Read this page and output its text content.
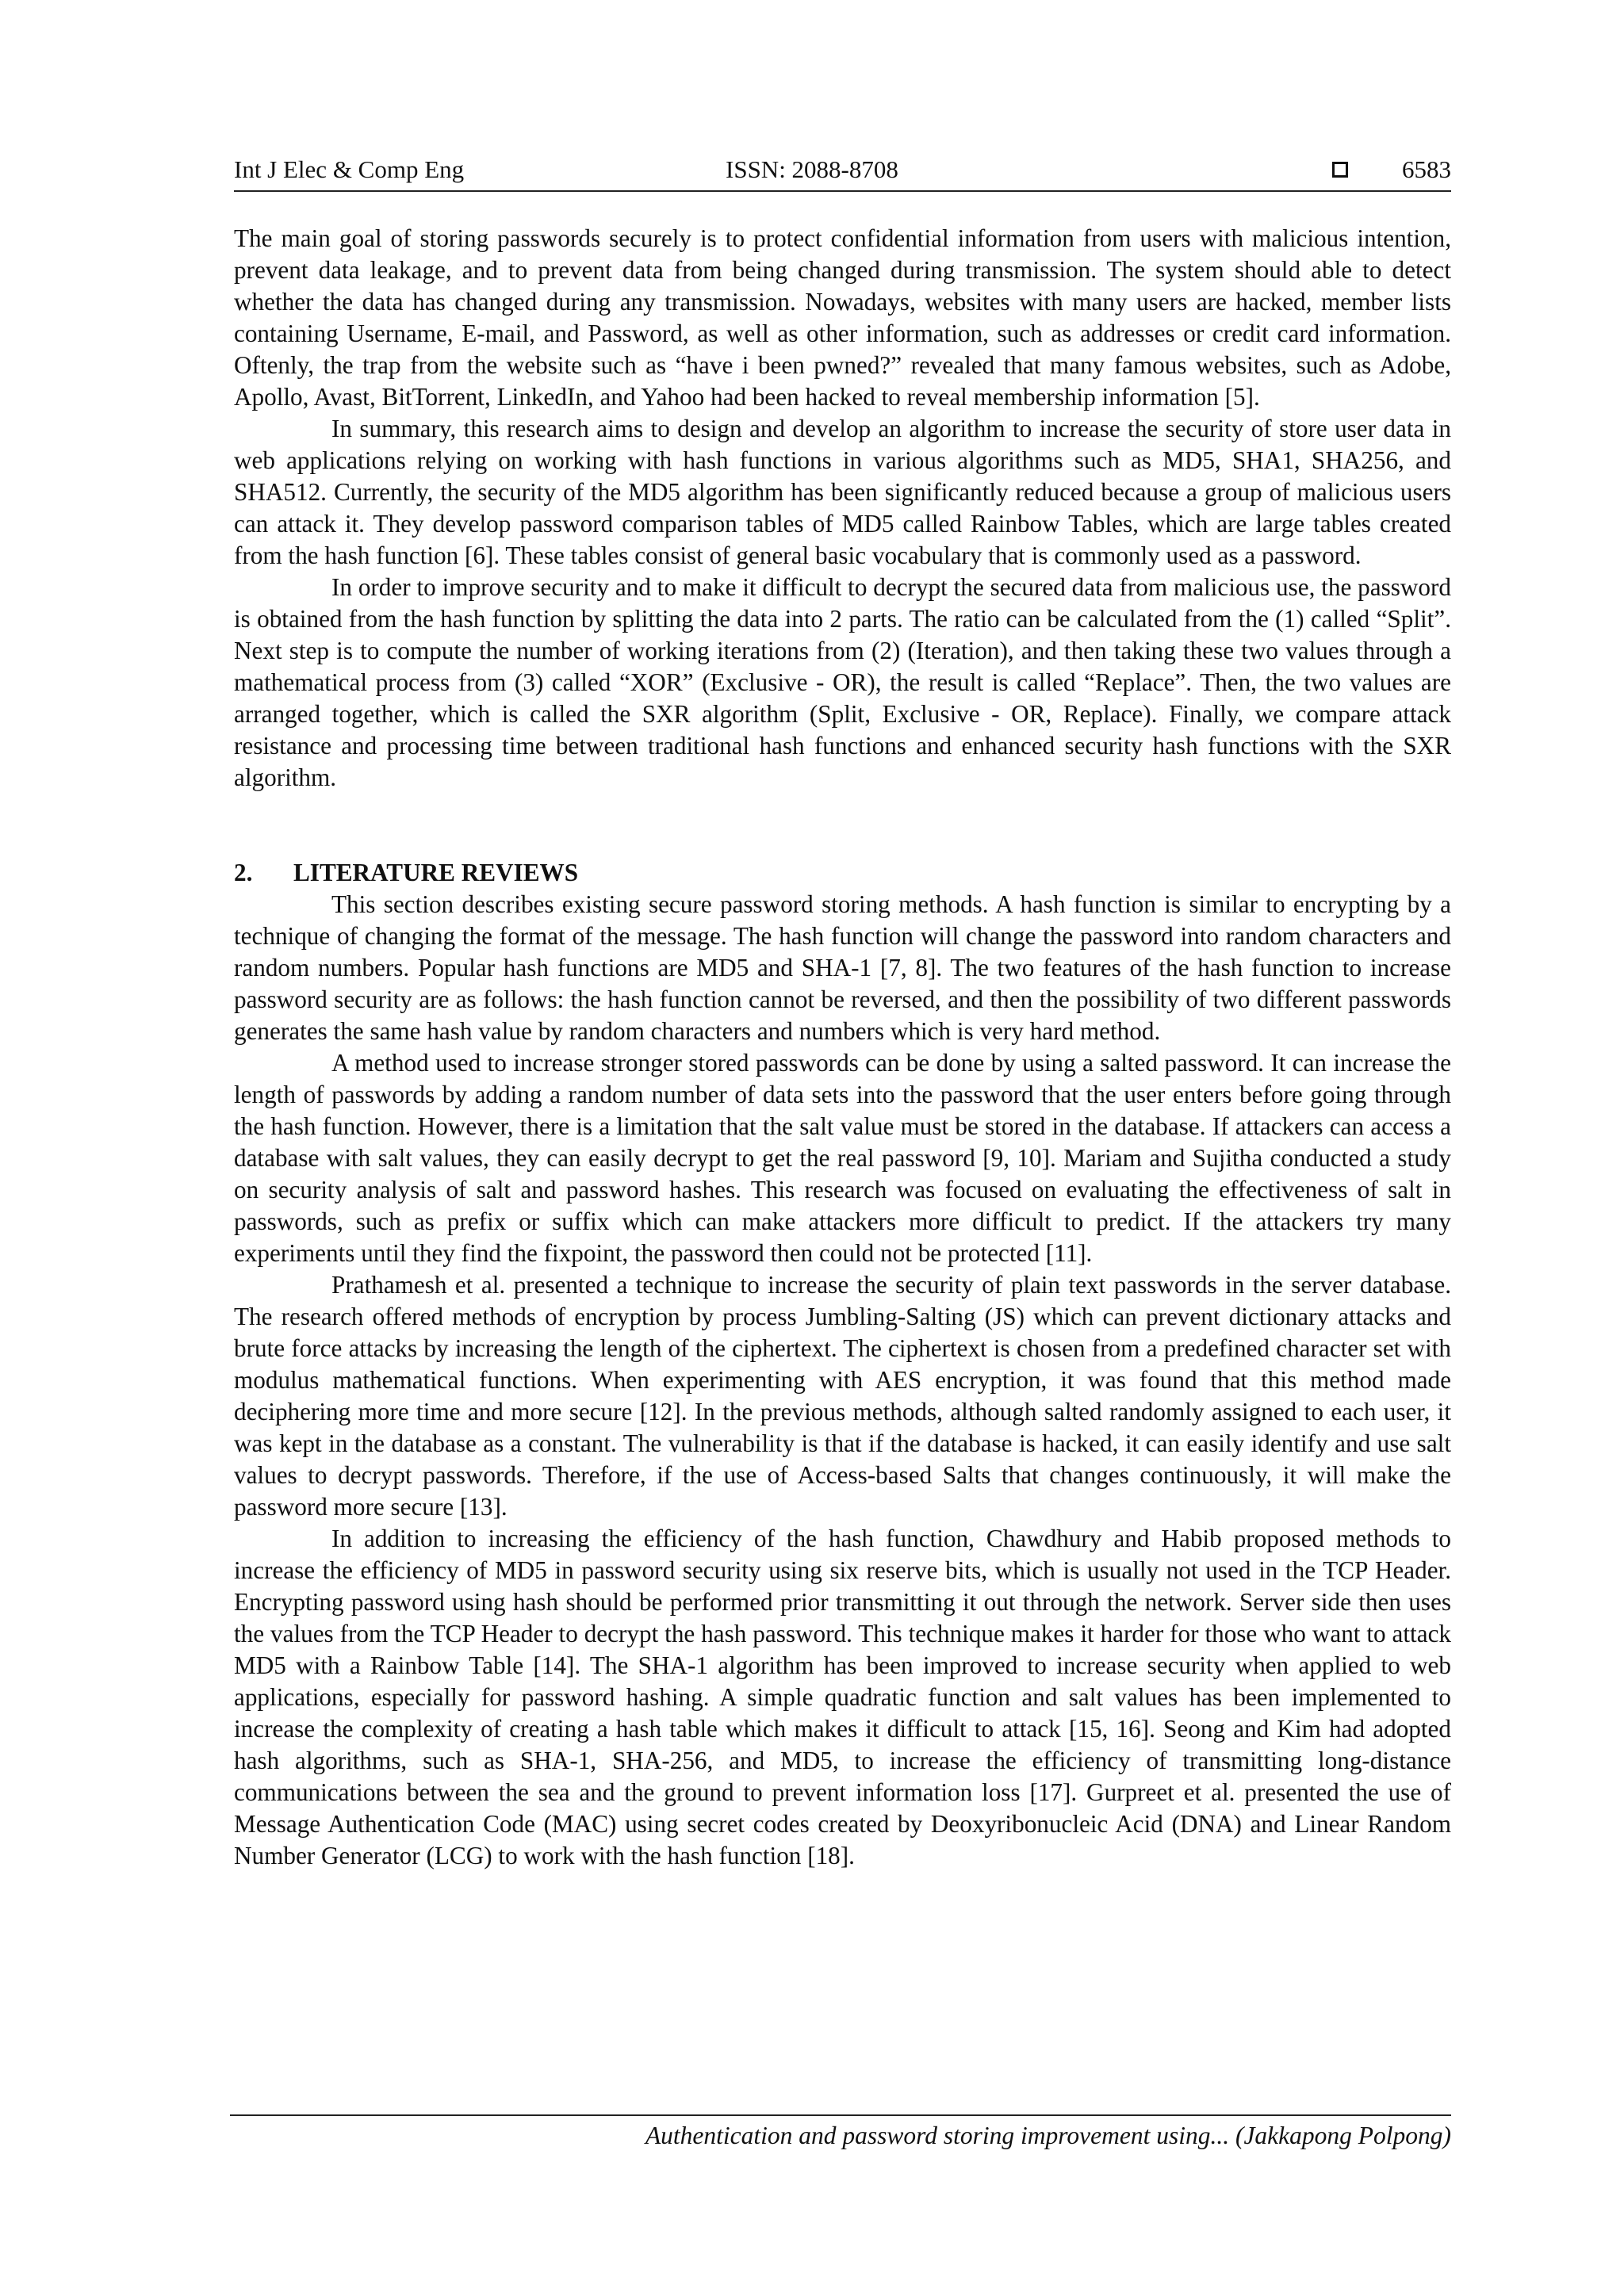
Int J Elec & Comp Eng	ISSN: 2088-8708	6583

The main goal of storing passwords securely is to protect confidential information from users with malicious intention, prevent data leakage, and to prevent data from being changed during transmission. The system should able to detect whether the data has changed during any transmission. Nowadays, websites with many users are hacked, member lists containing Username, E-mail, and Password, as well as other information, such as addresses or credit card information. Oftenly, the trap from the website such as “have i been pwned?” revealed that many famous websites, such as Adobe, Apollo, Avast, BitTorrent, LinkedIn, and Yahoo had been hacked to reveal membership information [5].

In summary, this research aims to design and develop an algorithm to increase the security of store user data in web applications relying on working with hash functions in various algorithms such as MD5, SHA1, SHA256, and SHA512. Currently, the security of the MD5 algorithm has been significantly reduced because a group of malicious users can attack it. They develop password comparison tables of MD5 called Rainbow Tables, which are large tables created from the hash function [6]. These tables consist of general basic vocabulary that is commonly used as a password.

In order to improve security and to make it difficult to decrypt the secured data from malicious use, the password is obtained from the hash function by splitting the data into 2 parts. The ratio can be calculated from the (1) called “Split”. Next step is to compute the number of working iterations from (2) (Iteration), and then taking these two values through a mathematical process from (3) called “XOR” (Exclusive - OR), the result is called “Replace”. Then, the two values are arranged together, which is called the SXR algorithm (Split, Exclusive - OR, Replace). Finally, we compare attack resistance and processing time between traditional hash functions and enhanced security hash functions with the SXR algorithm.

2. LITERATURE REVIEWS

This section describes existing secure password storing methods. A hash function is similar to encrypting by a technique of changing the format of the message. The hash function will change the password into random characters and random numbers. Popular hash functions are MD5 and SHA-1 [7, 8]. The two features of the hash function to increase password security are as follows: the hash function cannot be reversed, and then the possibility of two different passwords generates the same hash value by random characters and numbers which is very hard method.

A method used to increase stronger stored passwords can be done by using a salted password. It can increase the length of passwords by adding a random number of data sets into the password that the user enters before going through the hash function. However, there is a limitation that the salt value must be stored in the database. If attackers can access a database with salt values, they can easily decrypt to get the real password [9, 10]. Mariam and Sujitha conducted a study on security analysis of salt and password hashes. This research was focused on evaluating the effectiveness of salt in passwords, such as prefix or suffix which can make attackers more difficult to predict. If the attackers try many experiments until they find the fixpoint, the password then could not be protected [11].

Prathamesh et al. presented a technique to increase the security of plain text passwords in the server database. The research offered methods of encryption by process Jumbling-Salting (JS) which can prevent dictionary attacks and brute force attacks by increasing the length of the ciphertext. The ciphertext is chosen from a predefined character set with modulus mathematical functions. When experimenting with AES encryption, it was found that this method made deciphering more time and more secure [12]. In the previous methods, although salted randomly assigned to each user, it was kept in the database as a constant. The vulnerability is that if the database is hacked, it can easily identify and use salt values to decrypt passwords. Therefore, if the use of Access-based Salts that changes continuously, it will make the password more secure [13].

In addition to increasing the efficiency of the hash function, Chawdhury and Habib proposed methods to increase the efficiency of MD5 in password security using six reserve bits, which is usually not used in the TCP Header. Encrypting password using hash should be performed prior transmitting it out through the network. Server side then uses the values from the TCP Header to decrypt the hash password. This technique makes it harder for those who want to attack MD5 with a Rainbow Table [14]. The SHA-1 algorithm has been improved to increase security when applied to web applications, especially for password hashing. A simple quadratic function and salt values has been implemented to increase the complexity of creating a hash table which makes it difficult to attack [15, 16]. Seong and Kim had adopted hash algorithms, such as SHA-1, SHA-256, and MD5, to increase the efficiency of transmitting long-distance communications between the sea and the ground to prevent information loss [17]. Gurpreet et al. presented the use of Message Authentication Code (MAC) using secret codes created by Deoxyribonucleic Acid (DNA) and Linear Random Number Generator (LCG) to work with the hash function [18].

Authentication and password storing improvement using... (Jakkapong Polpong)
